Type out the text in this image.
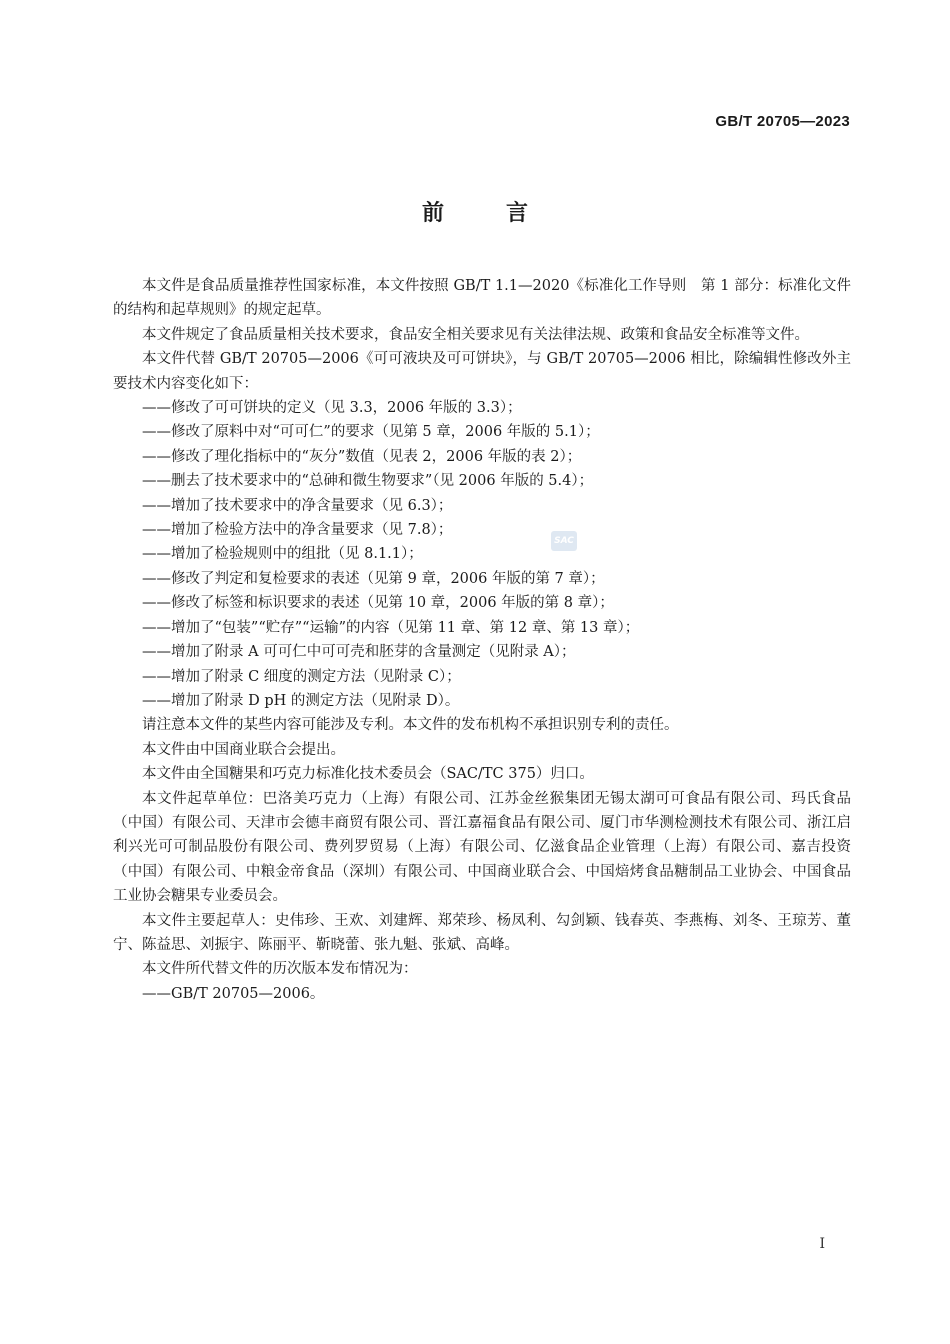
GB/T 20705—2023
前言

本文件是食品质量推荐性国家标准，本文件按照 GB/T 1.1—2020《标准化工作导则　第 1 部分：标准化文件的结构和起草规则》的规定起草。

本文件规定了食品质量相关技术要求，食品安全相关要求见有关法律法规、政策和食品安全标准等文件。

本文件代替 GB/T 20705—2006《可可液块及可可饼块》，与 GB/T 20705—2006 相比，除编辑性修改外主要技术内容变化如下：

——修改了可可饼块的定义（见 3.3，2006 年版的 3.3）；

——修改了原料中对“可可仁”的要求（见第 5 章，2006 年版的 5.1）；

——修改了理化指标中的“灰分”数值（见表 2，2006 年版的表 2）；

——删去了技术要求中的“总砷和微生物要求”（见 2006 年版的 5.4）；

——增加了技术要求中的净含量要求（见 6.3）；

——增加了检验方法中的净含量要求（见 7.8）；

——增加了检验规则中的组批（见 8.1.1）；

——修改了判定和复检要求的表述（见第 9 章，2006 年版的第 7 章）；

——修改了标签和标识要求的表述（见第 10 章，2006 年版的第 8 章）；

——增加了“包装”“贮存”“运输”的内容（见第 11 章、第 12 章、第 13 章）；

——增加了附录 A 可可仁中可可壳和胚芽的含量测定（见附录 A）；

——增加了附录 C 细度的测定方法（见附录 C）；

——增加了附录 D pH 的测定方法（见附录 D）。

请注意本文件的某些内容可能涉及专利。本文件的发布机构不承担识别专利的责任。

本文件由中国商业联合会提出。

本文件由全国糖果和巧克力标准化技术委员会（SAC/TC 375）归口。

本文件起草单位：巴洛美巧克力（上海）有限公司、江苏金丝猴集团无锡太湖可可食品有限公司、玛氏食品（中国）有限公司、天津市会德丰商贸有限公司、晋江嘉福食品有限公司、厦门市华测检测技术有限公司、浙江启利兴光可可制品股份有限公司、费列罗贸易（上海）有限公司、亿滋食品企业管理（上海）有限公司、嘉吉投资（中国）有限公司、中粮金帝食品（深圳）有限公司、中国商业联合会、中国焙烤食品糖制品工业协会、中国食品工业协会糖果专业委员会。

本文件主要起草人：史伟珍、王欢、刘建辉、郑荣珍、杨凤利、勾剑颖、钱春英、李燕梅、刘冬、王琼芳、董宁、陈益思、刘振宇、陈丽平、靳晓蕾、张九魁、张斌、高峰。

本文件所代替文件的历次版本发布情况为：

——GB/T 20705—2006。

SAC
I
